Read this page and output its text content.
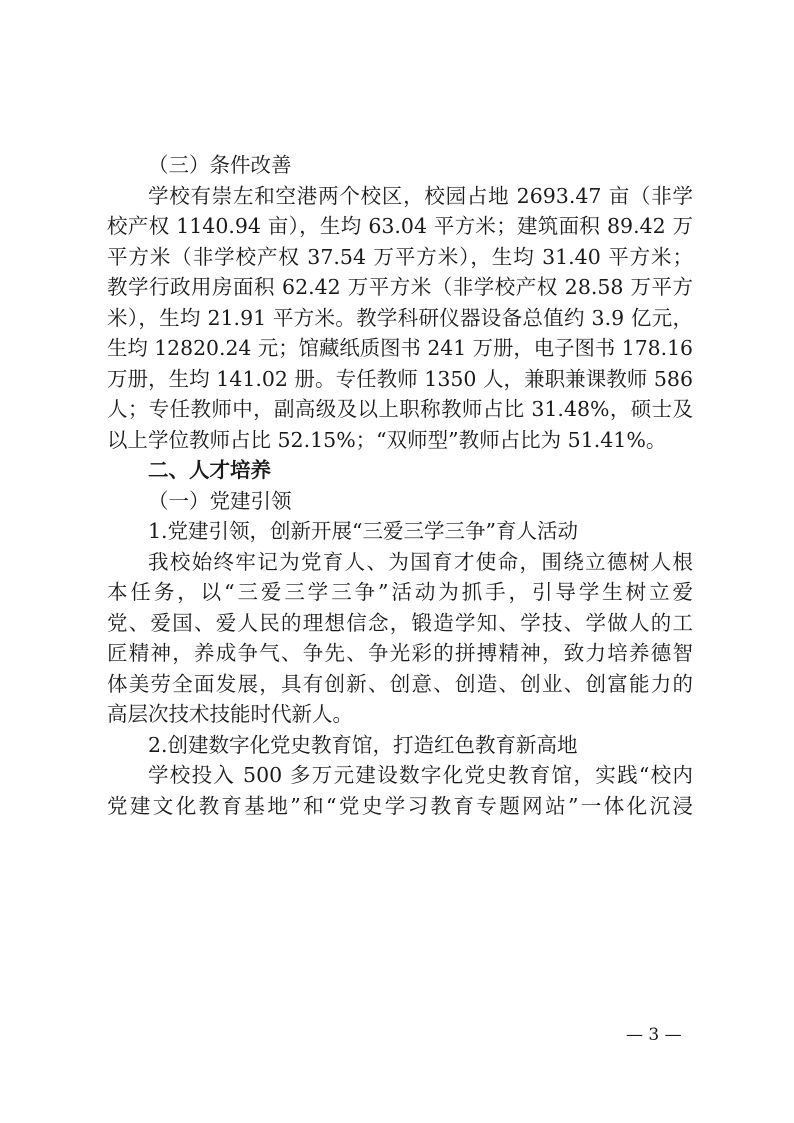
（三）条件改善
学校有崇左和空港两个校区，校园占地 2693.47 亩（非学
校产权 1140.94 亩），生均 63.04 平方米；建筑面积 89.42 万
平方米（非学校产权 37.54 万平方米），生均 31.40 平方米；
教学行政用房面积 62.42 万平方米（非学校产权 28.58 万平方
米），生均 21.91 平方米。教学科研仪器设备总值约 3.9 亿元，
生均 12820.24 元；馆藏纸质图书 241 万册，电子图书 178.16
万册，生均 141.02 册。专任教师 1350 人，兼职兼课教师 586
人；专任教师中，副高级及以上职称教师占比 31.48%，硕士及
以上学位教师占比 52.15%；“双师型”教师占比为 51.41%。
二、人才培养
（一）党建引领
1.党建引领，创新开展“三爱三学三争”育人活动
我校始终牢记为党育人、为国育才使命，围绕立德树人根
本任务，以“三爱三学三争”活动为抓手，引导学生树立爱
党、爱国、爱人民的理想信念，锻造学知、学技、学做人的工
匠精神，养成争气、争先、争光彩的拼搏精神，致力培养德智
体美劳全面发展，具有创新、创意、创造、创业、创富能力的
高层次技术技能时代新人。
2.创建数字化党史教育馆，打造红色教育新高地
学校投入 500 多万元建设数字化党史教育馆，实践“校内
党建文化教育基地”和“党史学习教育专题网站”一体化沉浸
— 3 —
